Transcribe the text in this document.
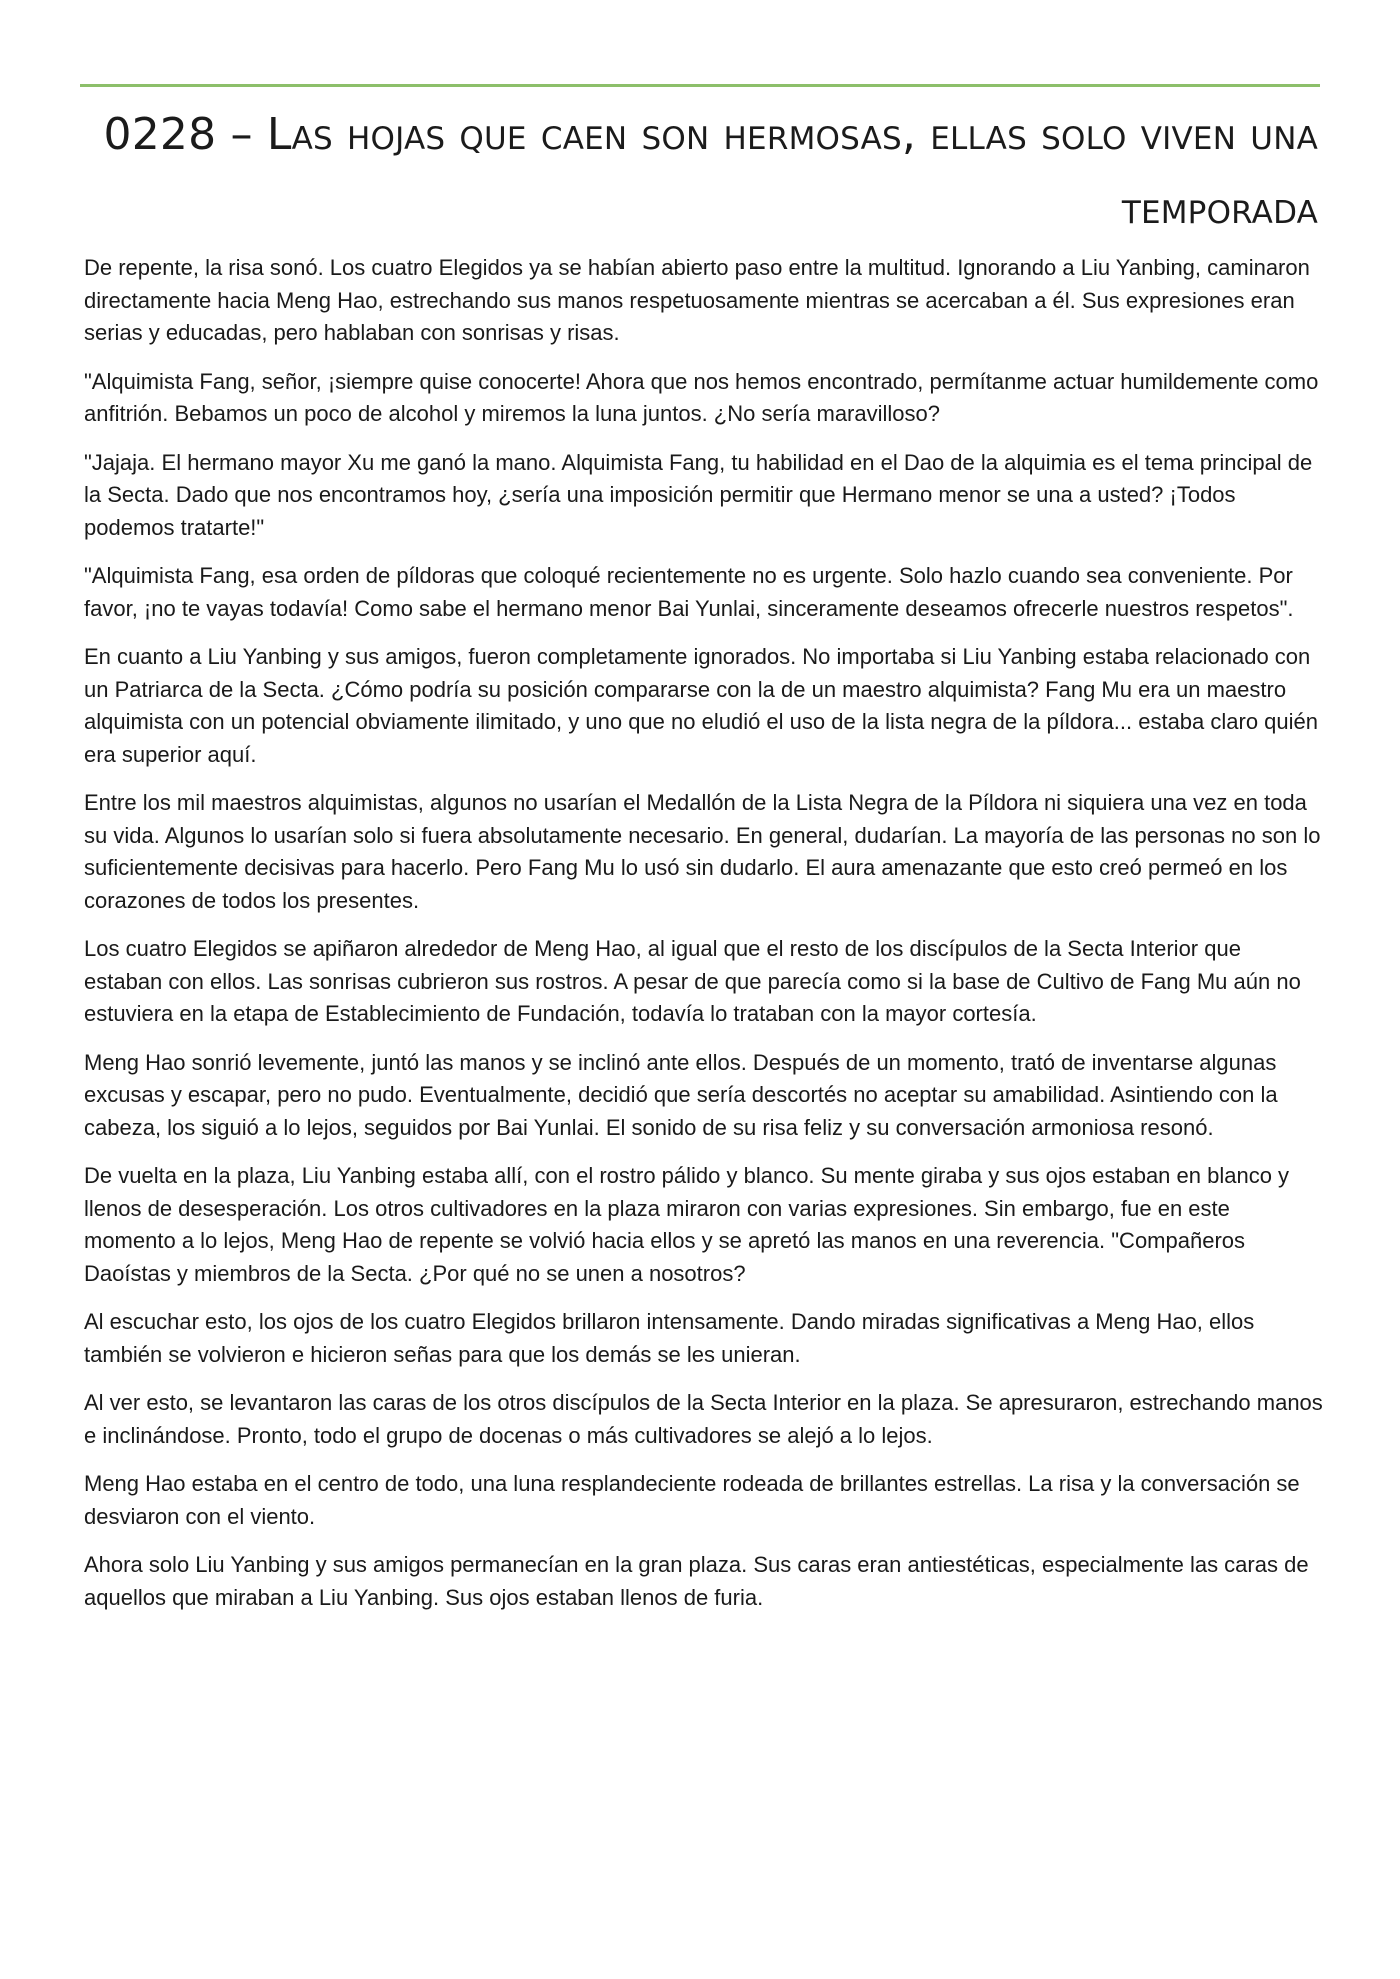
0228 – Las hojas que caen son hermosas, ellas solo viven una temporada

De repente, la risa sonó. Los cuatro Elegidos ya se habían abierto paso entre la multitud. Ignorando a Liu Yanbing, caminaron directamente hacia Meng Hao, estrechando sus manos respetuosamente mientras se acercaban a él. Sus expresiones eran serias y educadas, pero hablaban con sonrisas y risas.

"Alquimista Fang, señor, ¡siempre quise conocerte! Ahora que nos hemos encontrado, permítanme actuar humildemente como anfitrión. Bebamos un poco de alcohol y miremos la luna juntos. ¿No sería maravilloso?

"Jajaja. El hermano mayor Xu me ganó la mano. Alquimista Fang, tu habilidad en el Dao de la alquimia es el tema principal de la Secta. Dado que nos encontramos hoy, ¿sería una imposición permitir que Hermano menor se una a usted? ¡Todos podemos tratarte!"

"Alquimista Fang, esa orden de píldoras que coloqué recientemente no es urgente. Solo hazlo cuando sea conveniente. Por favor, ¡no te vayas todavía! Como sabe el hermano menor Bai Yunlai, sinceramente deseamos ofrecerle nuestros respetos".

En cuanto a Liu Yanbing y sus amigos, fueron completamente ignorados. No importaba si Liu Yanbing estaba relacionado con un Patriarca de la Secta. ¿Cómo podría su posición compararse con la de un maestro alquimista? Fang Mu era un maestro alquimista con un potencial obviamente ilimitado, y uno que no eludió el uso de la lista negra de la píldora... estaba claro quién era superior aquí.

Entre los mil maestros alquimistas, algunos no usarían el Medallón de la Lista Negra de la Píldora ni siquiera una vez en toda su vida. Algunos lo usarían solo si fuera absolutamente necesario. En general, dudarían. La mayoría de las personas no son lo suficientemente decisivas para hacerlo. Pero Fang Mu lo usó sin dudarlo. El aura amenazante que esto creó permeó en los corazones de todos los presentes.

Los cuatro Elegidos se apiñaron alrededor de Meng Hao, al igual que el resto de los discípulos de la Secta Interior que estaban con ellos. Las sonrisas cubrieron sus rostros. A pesar de que parecía como si la base de Cultivo de Fang Mu aún no estuviera en la etapa de Establecimiento de Fundación, todavía lo trataban con la mayor cortesía.

Meng Hao sonrió levemente, juntó las manos y se inclinó ante ellos. Después de un momento, trató de inventarse algunas excusas y escapar, pero no pudo. Eventualmente, decidió que sería descortés no aceptar su amabilidad. Asintiendo con la cabeza, los siguió a lo lejos, seguidos por Bai Yunlai. El sonido de su risa feliz y su conversación armoniosa resonó.

De vuelta en la plaza, Liu Yanbing estaba allí, con el rostro pálido y blanco. Su mente giraba y sus ojos estaban en blanco y llenos de desesperación. Los otros cultivadores en la plaza miraron con varias expresiones. Sin embargo, fue en este momento a lo lejos, Meng Hao de repente se volvió hacia ellos y se apretó las manos en una reverencia. "Compañeros Daoístas y miembros de la Secta. ¿Por qué no se unen a nosotros?

Al escuchar esto, los ojos de los cuatro Elegidos brillaron intensamente. Dando miradas significativas a Meng Hao, ellos también se volvieron e hicieron señas para que los demás se les unieran.

Al ver esto, se levantaron las caras de los otros discípulos de la Secta Interior en la plaza. Se apresuraron, estrechando manos e inclinándose. Pronto, todo el grupo de docenas o más cultivadores se alejó a lo lejos.

Meng Hao estaba en el centro de todo, una luna resplandeciente rodeada de brillantes estrellas. La risa y la conversación se desviaron con el viento.

Ahora solo Liu Yanbing y sus amigos permanecían en la gran plaza. Sus caras eran antiestéticas, especialmente las caras de aquellos que miraban a Liu Yanbing. Sus ojos estaban llenos de furia.
